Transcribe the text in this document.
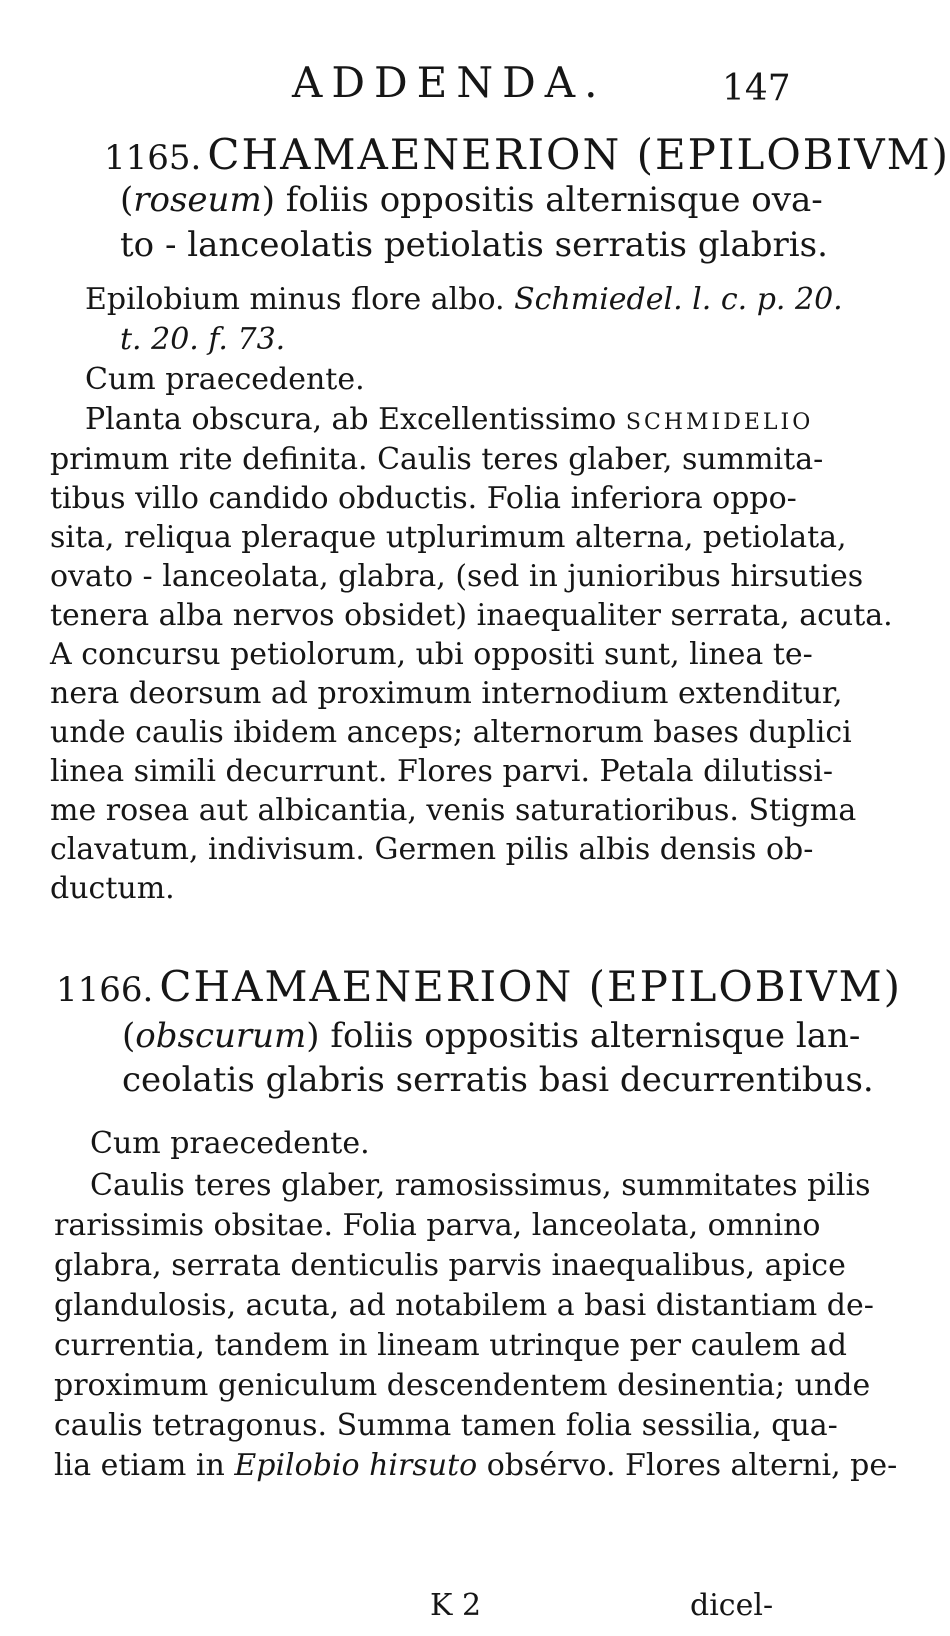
ADDENDA.	147
1165. CHAMAENERION (EPILOBIVM)
(roseum) foliis oppositis alternisque ova-
to - lanceolatis petiolatis serratis glabris.
Epilobium minus flore albo. Schmiedel. l. c. p. 20.
t. 20. f. 73.
Cum praecedente.
Planta obscura, ab Excellentissimo SCHMIDELIO
primum rite definita. Caulis teres glaber, summita-
tibus villo candido obductis. Folia inferiora oppo-
sita, reliqua pleraque utplurimum alterna, petiolata,
ovato - lanceolata, glabra, (sed in junioribus hirsuties
tenera alba nervos obsidet) inaequaliter serrata, acuta.
A concursu petiolorum, ubi oppositi sunt, linea te-
nera deorsum ad proximum internodium extenditur,
unde caulis ibidem anceps; alternorum bases duplici
linea simili decurrunt. Flores parvi. Petala dilutissi-
me rosea aut albicantia, venis saturatioribus. Stigma
clavatum, indivisum. Germen pilis albis densis ob-
ductum.
1166. CHAMAENERION (EPILOBIVM)
(obscurum) foliis oppositis alternisque lan-
ceolatis glabris serratis basi decurrentibus.
Cum praecedente.
Caulis teres glaber, ramosissimus, summitates pilis
rarissimis obsitae. Folia parva, lanceolata, omnino
glabra, serrata denticulis parvis inaequalibus, apice
glandulosis, acuta, ad notabilem a basi distantiam de-
currentia, tandem in lineam utrinque per caulem ad
proximum geniculum descendentem desinentia; unde
caulis tetragonus. Summa tamen folia sessilia, qua-
lia etiam in Epilobio hirsuto obsérvo. Flores alterni, pe-
K 2	dicel-
